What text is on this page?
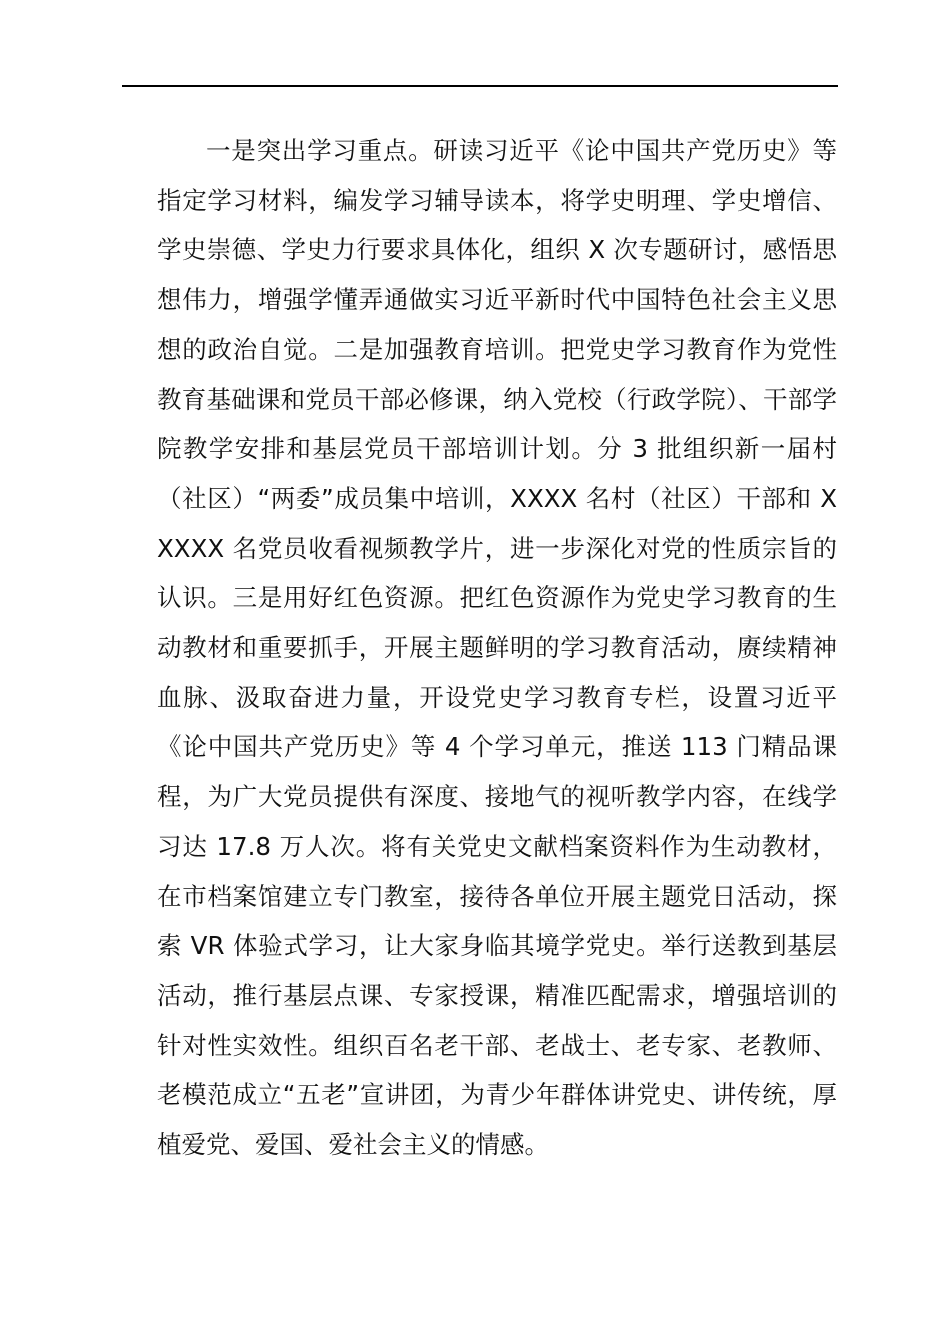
一是突出学习重点。研读习近平《论中国共产党历史》等指定学习材料，编发学习辅导读本，将学史明理、学史增信、学史崇德、学史力行要求具体化，组织 X 次专题研讨，感悟思想伟力，增强学懂弄通做实习近平新时代中国特色社会主义思想的政治自觉。二是加强教育培训。把党史学习教育作为党性教育基础课和党员干部必修课，纳入党校（行政学院）、干部学院教学安排和基层党员干部培训计划。分 3 批组织新一届村（社区）“两委”成员集中培训，XXXX 名村（社区）干部和 XXXXX 名党员收看视频教学片，进一步深化对党的性质宗旨的认识。三是用好红色资源。把红色资源作为党史学习教育的生动教材和重要抓手，开展主题鲜明的学习教育活动，赓续精神血脉、汲取奋进力量，开设党史学习教育专栏，设置习近平《论中国共产党历史》等 4 个学习单元，推送 113 门精品课程，为广大党员提供有深度、接地气的视听教学内容，在线学习达 17.8 万人次。将有关党史文献档案资料作为生动教材，在市档案馆建立专门教室，接待各单位开展主题党日活动，探索 VR 体验式学习，让大家身临其境学党史。举行送教到基层活动，推行基层点课、专家授课，精准匹配需求，增强培训的针对性实效性。组织百名老干部、老战士、老专家、老教师、老模范成立“五老”宣讲团，为青少年群体讲党史、讲传统，厚植爱党、爱国、爱社会主义的情感。
